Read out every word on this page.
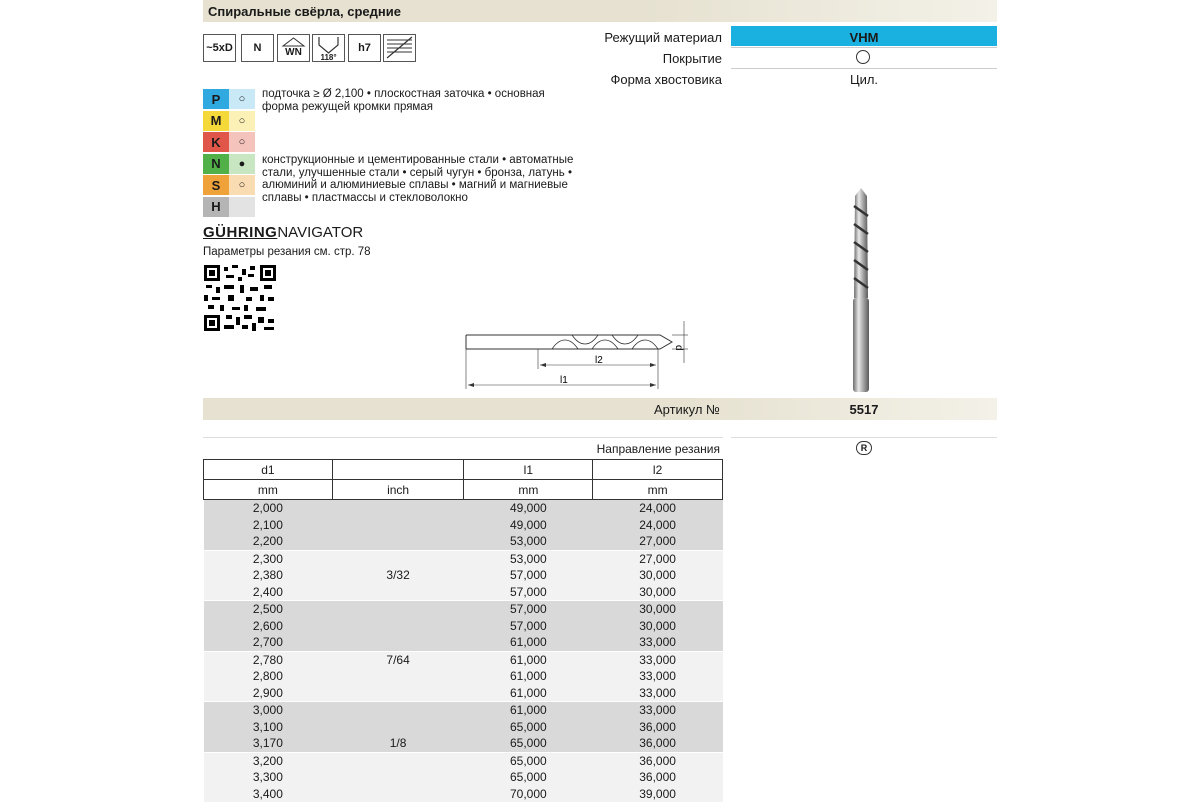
Спиральные свёрла, средние
~5xD N WN 118°
h7
Режущий материал	VHM
Покрытие
Форма хвостовика	Цил.
P	○
M	○
K	○
N	●
S	○
H
подточка ≥ Ø 2,100 • плоскостная заточка • основная форма режущей кромки прямая
конструкционные и цементированные стали • автоматные стали, улучшенные стали • серый чугун • бронза, латунь • алюминий и алюминиевые сплавы • магний и магниевые сплавы • пластмассы и стекловолокно
GÜHRINGNAVIGATOR
Параметры резания см. стр. 78
l2
l1
d
Артикул №	5517
Направление резания	R
d1		l1	l2
mm	inch	mm	mm
2,000		49,000	24,000
2,100		49,000	24,000
2,200		53,000	27,000
2,300		53,000	27,000
2,380	3/32	57,000	30,000
2,400		57,000	30,000
2,500		57,000	30,000
2,600		57,000	30,000
2,700		61,000	33,000
2,780	7/64	61,000	33,000
2,800		61,000	33,000
2,900		61,000	33,000
3,000		61,000	33,000
3,100		65,000	36,000
3,170	1/8	65,000	36,000
3,200		65,000	36,000
3,300		65,000	36,000
3,400		70,000	39,000
